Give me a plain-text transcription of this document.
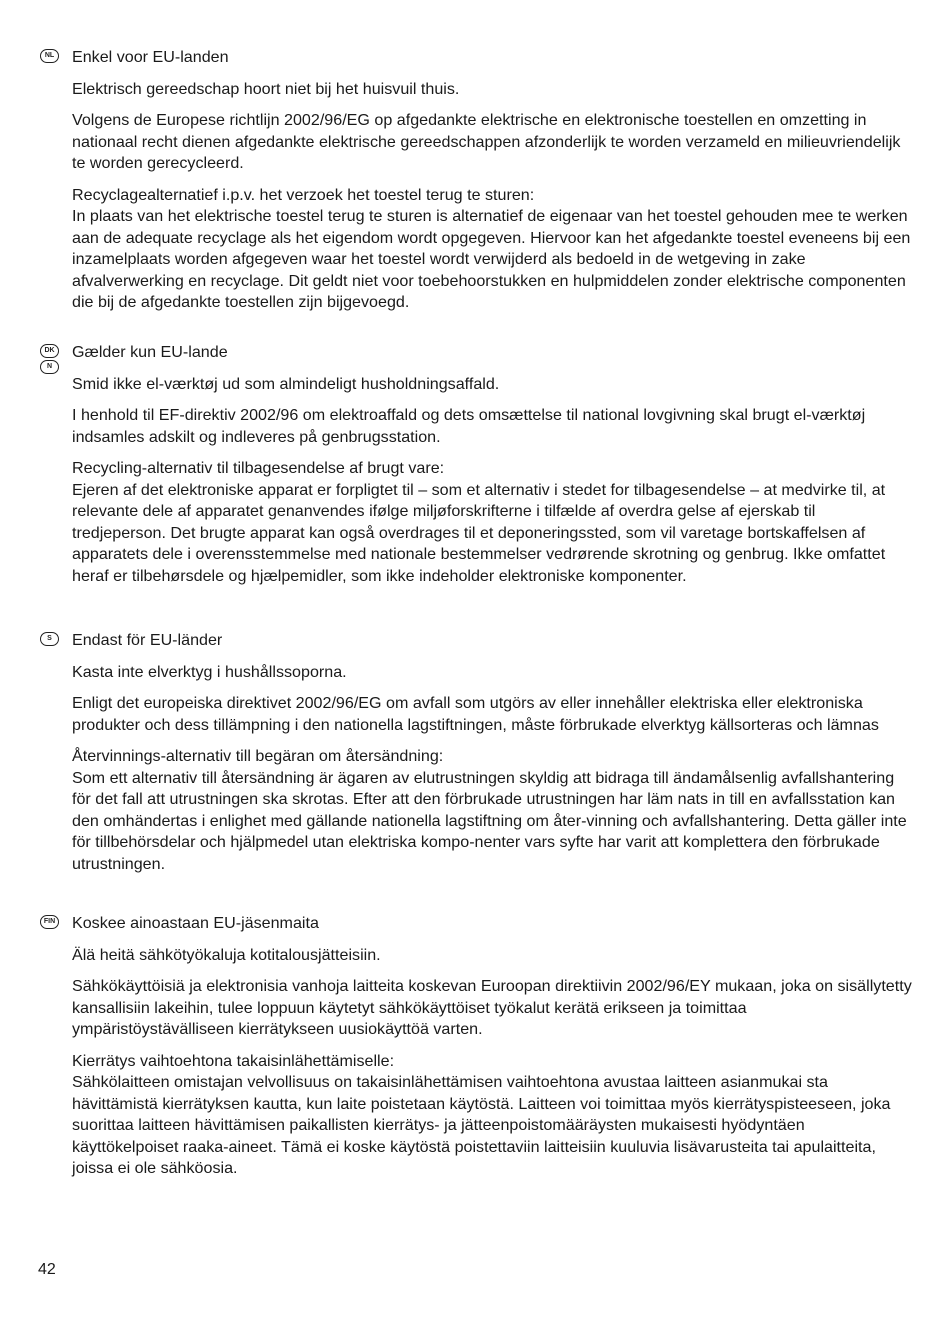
NL Enkel voor EU-landen

Elektrisch gereedschap hoort niet bij het huisvuil thuis.

Volgens de Europese richtlijn 2002/96/EG op afgedankte elektrische en elektronische toestellen en omzetting in nationaal recht dienen afgedankte elektrische gereedschappen afzonderlijk te worden verzameld en milieuvriendelijk te worden gerecycleerd.

Recyclagealternatief i.p.v. het verzoek het toestel terug te sturen:

In plaats van het elektrische toestel terug te sturen is alternatief de eigenaar van het toestel gehouden mee te werken aan de adequate recyclage als het eigendom wordt opgegeven. Hiervoor kan het afgedankte toestel eveneens bij een inzamelplaats worden afgegeven waar het toestel wordt verwijderd als bedoeld in de wetgeving in zake afvalverwerking en recyclage. Dit geldt niet voor toebehoorstukken en hulpmiddelen zonder elektrische componenten die bij de afgedankte toestellen zijn bijgevoegd.

DK
N

Gælder kun EU-lande

Smid ikke el-værktøj ud som almindeligt husholdningsaffald.

I henhold til EF-direktiv 2002/96 om elektroaffald og dets omsættelse til national lovgivning skal brugt el-værktøj indsamles adskilt og indleveres på genbrugsstation.

Recycling-alternativ til tilbagesendelse af brugt vare:

Ejeren af det elektroniske apparat er forpligtet til – som et alternativ i stedet for tilbagesendelse – at medvirke til, at relevante dele af apparatet genanvendes ifølge miljøforskrifterne i tilfælde af overdra gelse af ejerskab til tredjeperson. Det brugte apparat kan også overdrages til et deponeringssted, som vil varetage bortskaffelsen af apparatets dele i overensstemmelse med nationale bestemmelser vedrørende skrotning og genbrug. Ikke omfattet heraf er tilbehørsdele og hjælpemidler, som ikke indeholder elektroniske komponenter.

S	Endast för EU-länder

Kasta inte elverktyg i hushållssoporna.

Enligt det europeiska direktivet 2002/96/EG om avfall som utgörs av eller innehåller elektriska eller elektroniska produkter och dess tillämpning i den nationella lagstiftningen, måste förbrukade elverktyg källsorteras och lämnas

Återvinnings-alternativ till begäran om återsändning:

Som ett alternativ till återsändning är ägaren av elutrustningen skyldig att bidraga till ändamålsenlig avfallshantering för det fall att utrustningen ska skrotas. Efter att den förbrukade utrustningen har läm nats in till en avfallsstation kan den omhändertas i enlighet med gällande nationella lagstiftning om åter-vinning och avfallshantering. Detta gäller inte för tillbehörsdelar och hjälpmedel utan elektriska kompo-nenter vars syfte har varit att komplettera den förbrukade utrustningen.

FIN Koskee ainoastaan EU-jäsenmaita

Älä heitä sähkötyökaluja kotitalousjätteisiin.

Sähkökäyttöisiä ja elektronisia vanhoja laitteita koskevan Euroopan direktiivin 2002/96/EY mukaan, joka on sisällytetty kansallisiin lakeihin, tulee loppuun käytetyt sähkökäyttöiset työkalut kerätä erikseen ja toimittaa ympäristöystävälliseen kierrätykseen uusiokäyttöä varten.

Kierrätys vaihtoehtona takaisinlähettämiselle:

Sähkölaitteen omistajan velvollisuus on takaisinlähettämisen vaihtoehtona avustaa laitteen asianmukai sta hävittämistä kierrätyksen kautta, kun laite poistetaan käytöstä. Laitteen voi toimittaa myös kierrätyspisteeseen, joka suorittaa laitteen hävittämisen paikallisten kierrätys- ja jätteenpoistomääräysten mukaisesti hyödyntäen käyttökelpoiset raaka-aineet. Tämä ei koske käytöstä poistettaviin laitteisiin kuuluvia lisävarusteita tai apulaitteita, joissa ei ole sähköosia.

42
